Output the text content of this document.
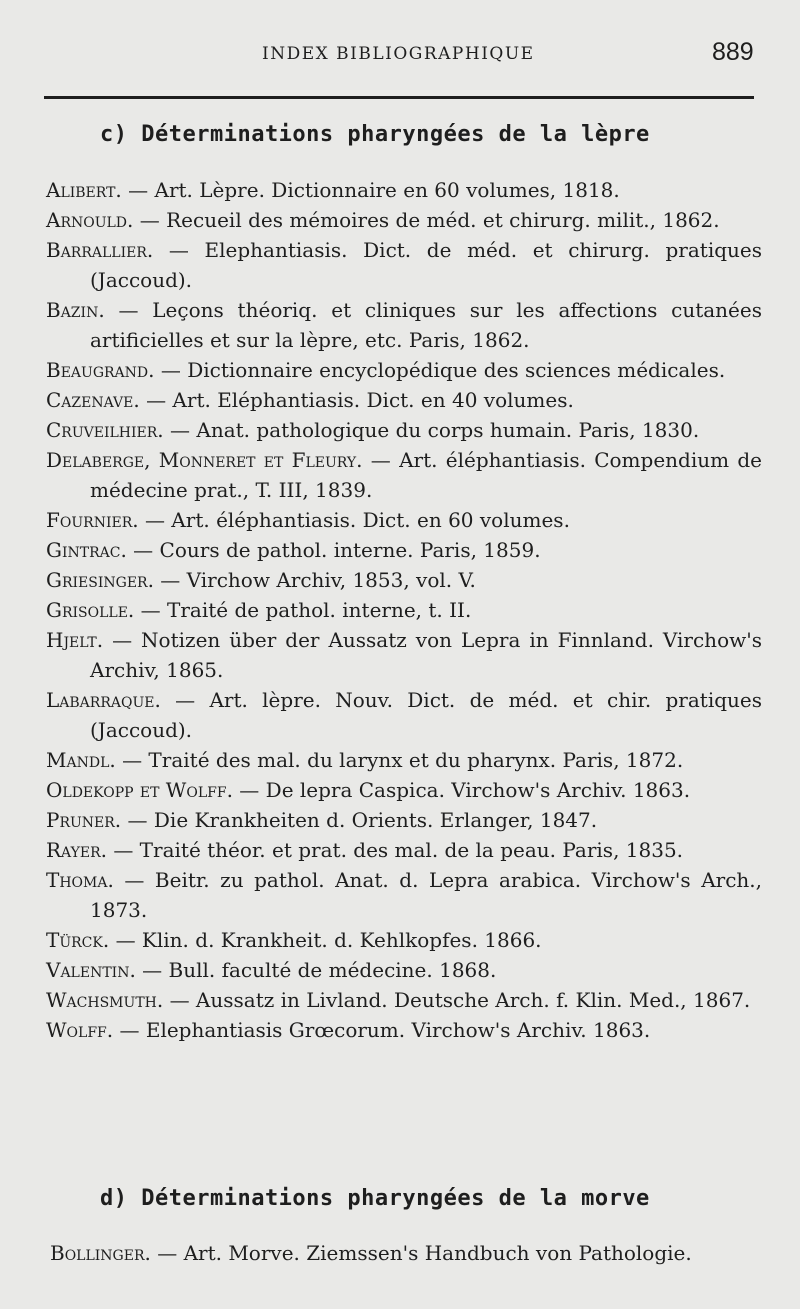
INDEX BIBLIOGRAPHIQUE	889
c) Déterminations pharyngées de la lèpre

Alibert. — Art. Lèpre. Dictionnaire en 60 volumes, 1818.

Arnould. — Recueil des mémoires de méd. et chirurg. milit., 1862.

Barrallier. — Elephantiasis. Dict. de méd. et chirurg. pratiques (Jaccoud).

Bazin. — Leçons théoriq. et cliniques sur les affections cutanées artificielles et sur la lèpre, etc. Paris, 1862.

Beaugrand. — Dictionnaire encyclopédique des sciences médicales.

Cazenave. — Art. Eléphantiasis. Dict. en 40 volumes.

Cruveilhier. — Anat. pathologique du corps humain. Paris, 1830.

Delaberge, Monneret et Fleury. — Art. éléphantiasis. Compendium de médecine prat., T. III, 1839.

Fournier. — Art. éléphantiasis. Dict. en 60 volumes.

Gintrac. — Cours de pathol. interne. Paris, 1859.

Griesinger. — Virchow Archiv, 1853, vol. V.

Grisolle. — Traité de pathol. interne, t. II.

Hjelt. — Notizen über der Aussatz von Lepra in Finnland. Virchow's Archiv, 1865.

Labarraque. — Art. lèpre. Nouv. Dict. de méd. et chir. pratiques (Jaccoud).

Mandl. — Traité des mal. du larynx et du pharynx. Paris, 1872.

Oldekopp et Wolff. — De lepra Caspica. Virchow's Archiv. 1863.

Pruner. — Die Krankheiten d. Orients. Erlanger, 1847.

Rayer. — Traité théor. et prat. des mal. de la peau. Paris, 1835.

Thoma. — Beitr. zu pathol. Anat. d. Lepra arabica. Virchow's Arch., 1873.

Türck. — Klin. d. Krankheit. d. Kehlkopfes. 1866.

Valentin. — Bull. faculté de médecine. 1868.

Wachsmuth. — Aussatz in Livland. Deutsche Arch. f. Klin. Med., 1867.

Wolff. — Elephantiasis Grœcorum. Virchow's Archiv. 1863.

d) Déterminations pharyngées de la morve

Bollinger. — Art. Morve. Ziemssen's Handbuch von Pathologie.
